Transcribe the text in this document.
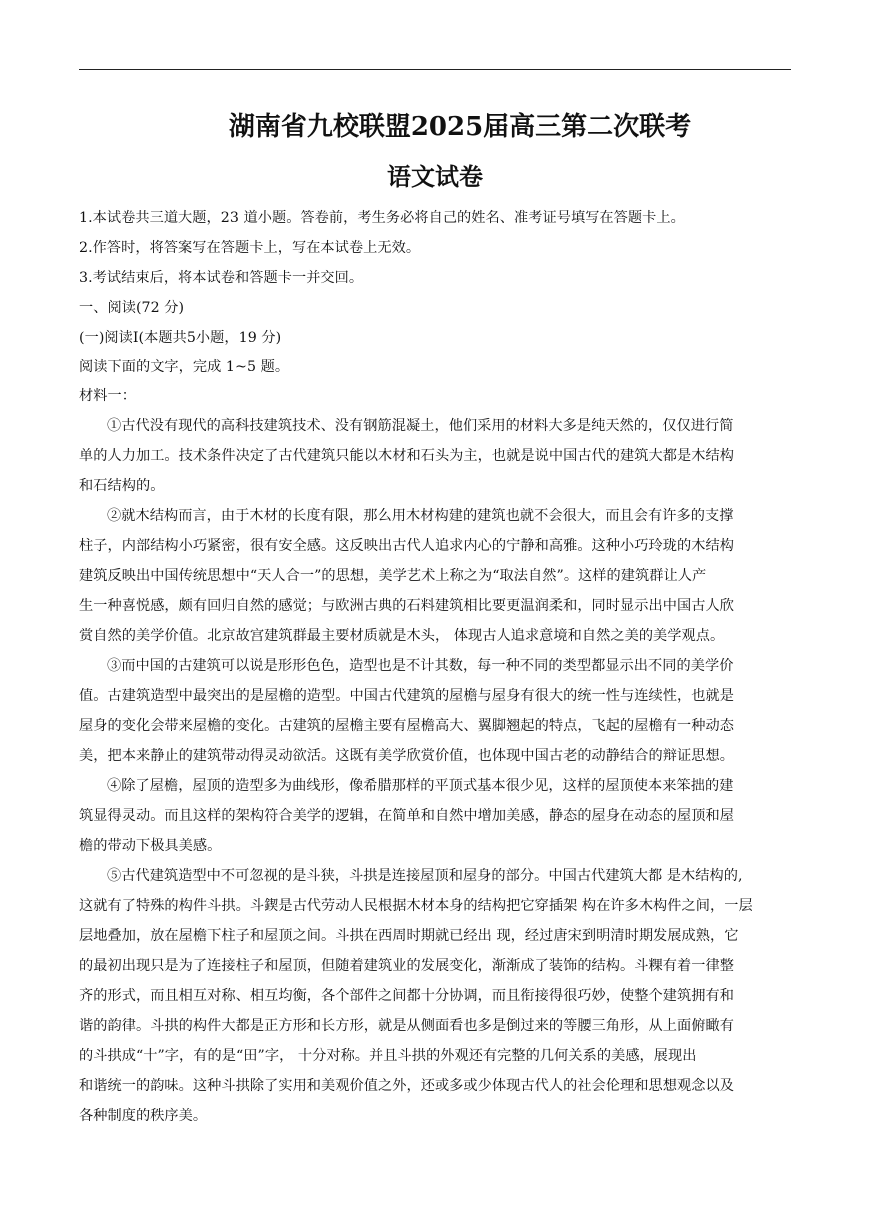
湖南省九校联盟2025届高三第二次联考
语文试卷
1.本试卷共三道大题，23 道小题。答卷前，考生务必将自己的姓名、准考证号填写在答题卡上。
2.作答时，将答案写在答题卡上，写在本试卷上无效。
3.考试结束后，将本试卷和答题卡一并交回。
一、阅读(72 分)
(一)阅读Ⅰ(本题共5小题，19 分)
阅读下面的文字，完成 1~5 题。
材料一：
①古代没有现代的高科技建筑技术、没有钢筋混凝土，他们采用的材料大多是纯天然的，仅仅进行简
单的人力加工。技术条件决定了古代建筑只能以木材和石头为主，也就是说中国古代的建筑大都是木结构
和石结构的。
②就木结构而言，由于木材的长度有限，那么用木材构建的建筑也就不会很大，而且会有许多的支撑
柱子，内部结构小巧紧密，很有安全感。这反映出古代人追求内心的宁静和高雅。这种小巧玲珑的木结构
建筑反映出中国传统思想中“天人合一”的思想，美学艺术上称之为“取法自然”。这样的建筑群让人产
生一种喜悦感，颇有回归自然的感觉；与欧洲古典的石料建筑相比要更温润柔和，同时显示出中国古人欣
赏自然的美学价值。北京故宫建筑群最主要材质就是木头， 体现古人追求意境和自然之美的美学观点。
③而中国的古建筑可以说是形形色色，造型也是不计其数，每一种不同的类型都显示出不同的美学价
值。古建筑造型中最突出的是屋檐的造型。中国古代建筑的屋檐与屋身有很大的统一性与连续性，也就是
屋身的变化会带来屋檐的变化。古建筑的屋檐主要有屋檐高大、翼脚翘起的特点，飞起的屋檐有一种动态
美，把本来静止的建筑带动得灵动欲活。这既有美学欣赏价值，也体现中国古老的动静结合的辩证思想。
④除了屋檐，屋顶的造型多为曲线形，像希腊那样的平顶式基本很少见，这样的屋顶使本来笨拙的建
筑显得灵动。而且这样的架构符合美学的逻辑，在简单和自然中增加美感，静态的屋身在动态的屋顶和屋
檐的带动下极具美感。
⑤古代建筑造型中不可忽视的是斗狭，斗拱是连接屋顶和屋身的部分。中国古代建筑大都 是木结构的,
这就有了特殊的构件斗拱。斗鍥是古代劳动人民根据木材本身的结构把它穿插架 构在许多木构件之间，一层
层地叠加，放在屋檐下柱子和屋顶之间。斗拱在西周时期就已经出 现，经过唐宋到明清时期发展成熟，它
的最初出现只是为了连接柱子和屋顶，但随着建筑业的发展变化，渐渐成了装饰的结构。斗粿有着一律整
齐的形式，而且相互对称、相互均衡，各个部件之间都十分协调，而且衔接得很巧妙，使整个建筑拥有和
谐的韵律。斗拱的构件大都是正方形和长方形，就是从侧面看也多是倒过来的等腰三角形，从上面俯瞰有
的斗拱成“十”字，有的是“田”字， 十分对称。并且斗拱的外观还有完整的几何关系的美感，展现出
和谐统一的韵味。这种斗拱除了实用和美观价值之外，还或多或少体现古代人的社会伦理和思想观念以及
各种制度的秩序美。
